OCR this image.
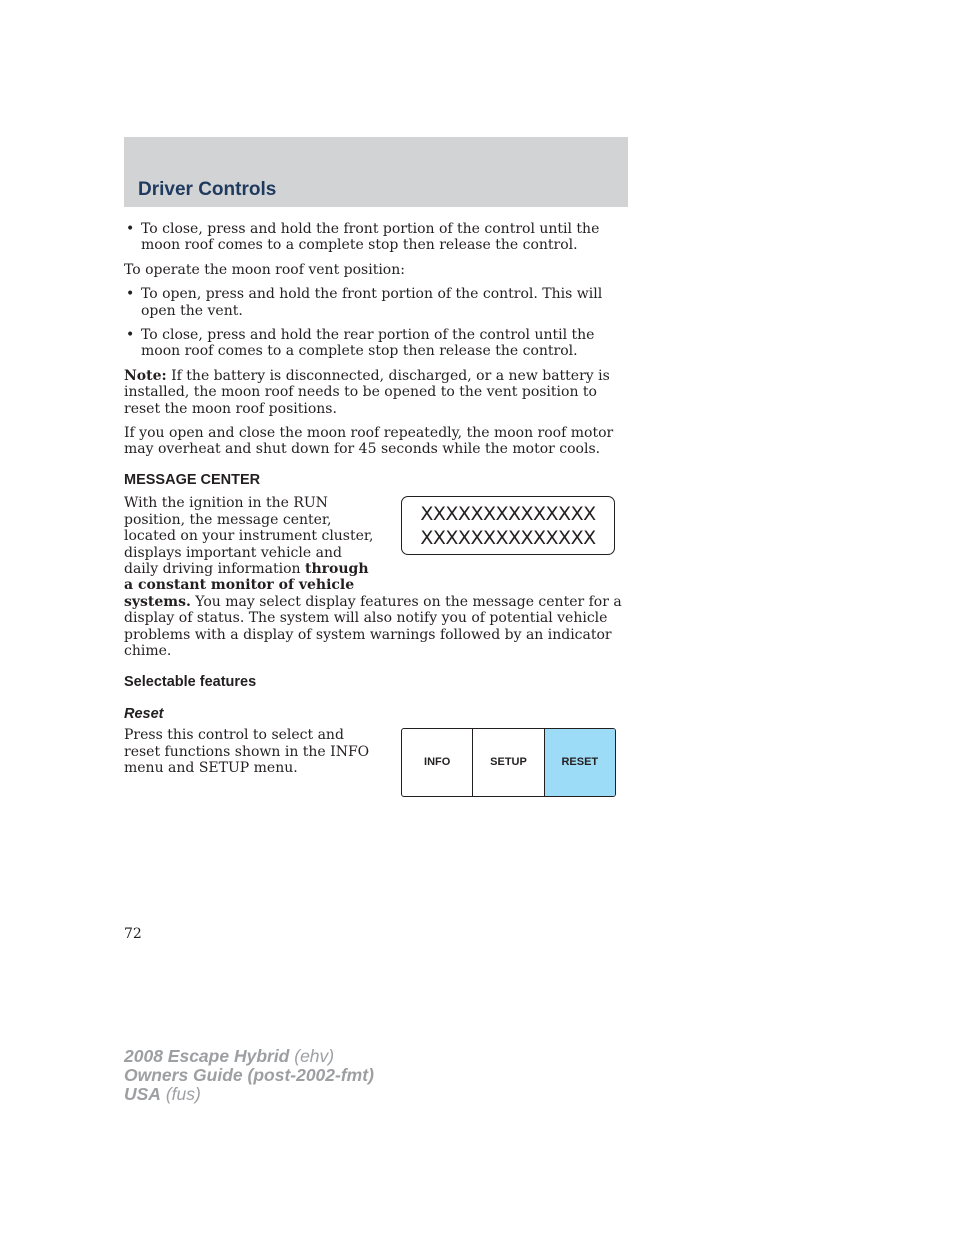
Driver Controls
• To close, press and hold the front portion of the control until the moon roof comes to a complete stop then release the control.

To operate the moon roof vent position:

• To open, press and hold the front portion of the control. This will open the vent.
• To close, press and hold the rear portion of the control until the moon roof comes to a complete stop then release the control.

Note: If the battery is disconnected, discharged, or a new battery is installed, the moon roof needs to be opened to the vent position to reset the moon roof positions.

If you open and close the moon roof repeatedly, the moon roof motor may overheat and shut down for 45 seconds while the motor cools.

MESSAGE CENTER
With the ignition in the RUN position, the message center, located on your instrument cluster, displays important vehicle and daily driving information through a constant monitor of vehicle

systems. You may select display features on the message center for a display of status. The system will also notify you of potential vehicle problems with a display of system warnings followed by an indicator chime.

XXXXXXXXXXXXXX
XXXXXXXXXXXXXX
Selectable features
Reset
Press this control to select and reset functions shown in the INFO menu and SETUP menu.	INFO	SETUP	RESET
72
2008 Escape Hybrid (ehv)
Owners Guide (post-2002-fmt)
USA (fus)
